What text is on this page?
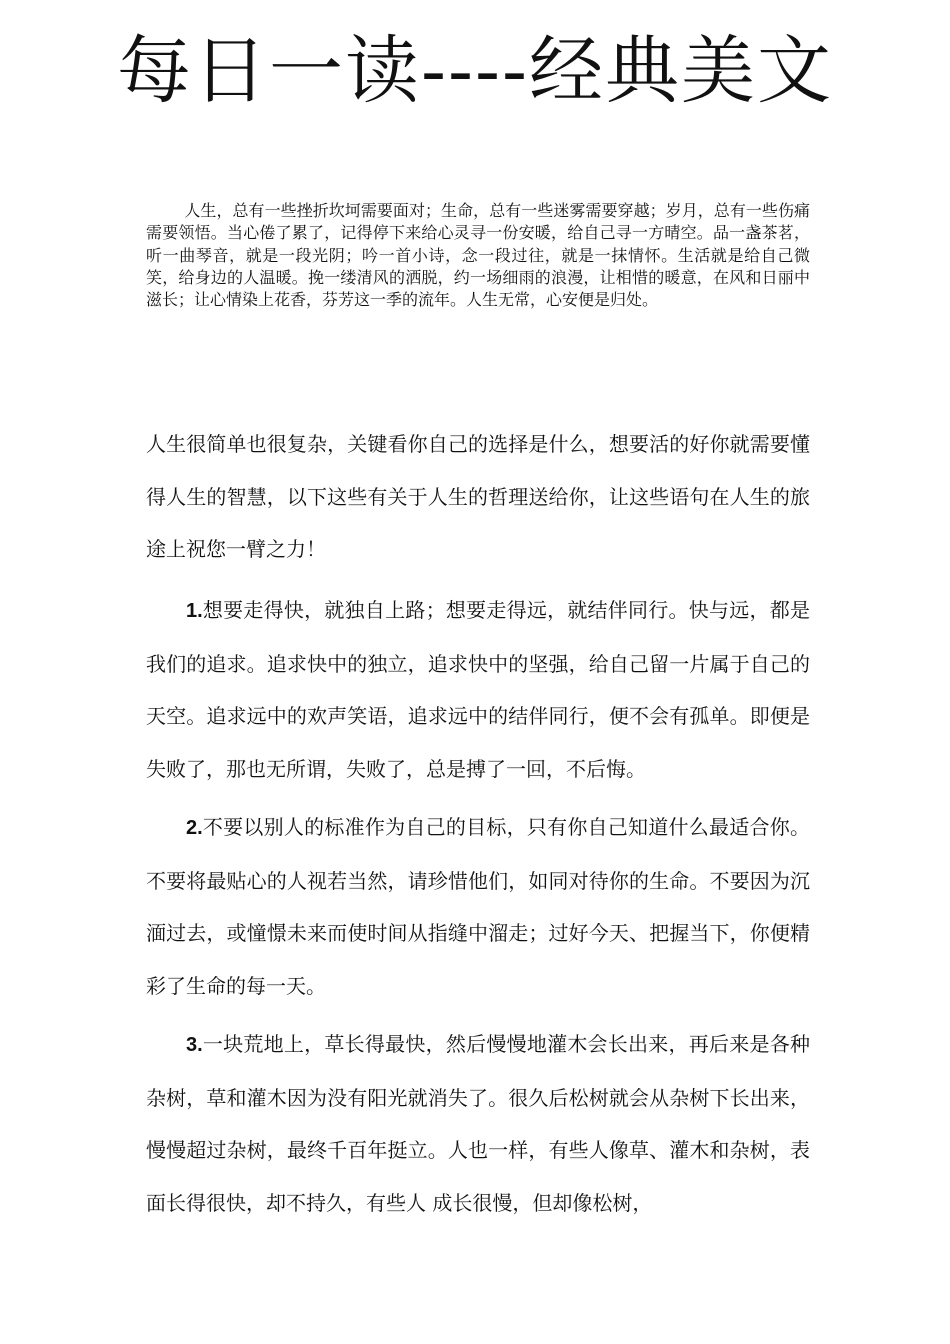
每日一读----经典美文

人生，总有一些挫折坎坷需要面对；生命，总有一些迷雾需要穿越；岁月，总有一些伤痛需要领悟。当心倦了累了，记得停下来给心灵寻一份安暖，给自己寻一方晴空。品一盏茶茗，听一曲琴音，就是一段光阴；吟一首小诗，念一段过往，就是一抹情怀。生活就是给自己微笑，给身边的人温暖。挽一缕清风的洒脱，约一场细雨的浪漫，让相惜的暖意，在风和日丽中滋长；让心情染上花香，芬芳这一季的流年。人生无常，心安便是归处。

人生很简单也很复杂，关键看你自己的选择是什么，想要活的好你就需要懂得人生的智慧，以下这些有关于人生的哲理送给你，让这些语句在人生的旅途上祝您一臂之力！

1.想要走得快，就独自上路；想要走得远，就结伴同行。快与远，都是我们的追求。追求快中的独立，追求快中的坚强，给自己留一片属于自己的天空。追求远中的欢声笑语，追求远中的结伴同行，便不会有孤单。即便是失败了，那也无所谓，失败了，总是搏了一回，不后悔。

2.不要以别人的标准作为自己的目标，只有你自己知道什么最适合你。不要将最贴心的人视若当然，请珍惜他们，如同对待你的生命。不要因为沉湎过去，或憧憬未来而使时间从指缝中溜走；过好今天、把握当下，你便精彩了生命的每一天。

3.一块荒地上，草长得最快，然后慢慢地灌木会长出来，再后来是各种杂树，草和灌木因为没有阳光就消失了。很久后松树就会从杂树下长出来，慢慢超过杂树，最终千百年挺立。人也一样，有些人像草、灌木和杂树，表面长得很快，却不持久，有些人 成长很慢，但却像松树，
